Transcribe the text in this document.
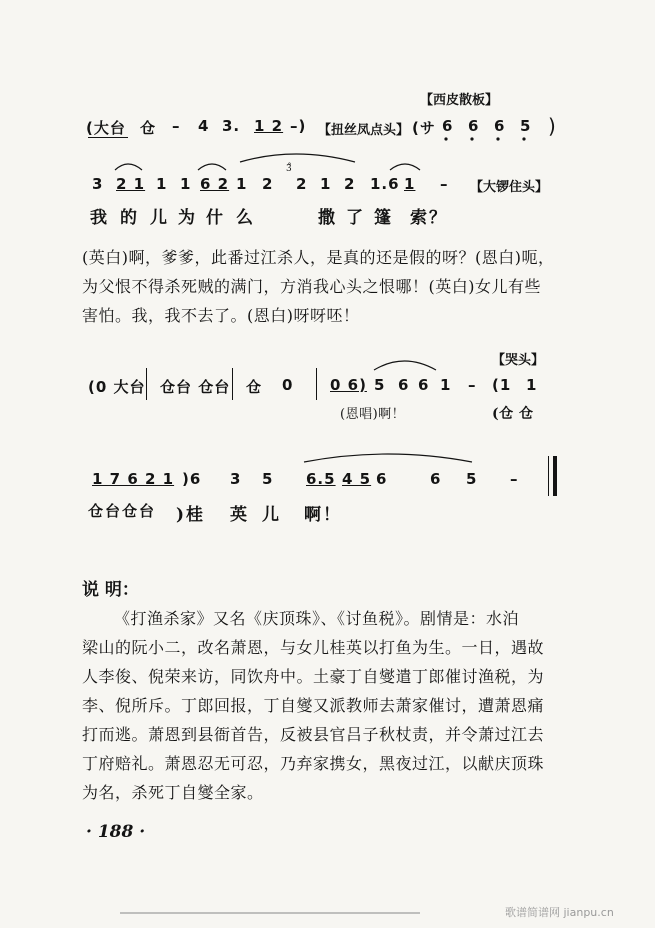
【西皮散板】
(大台 仓 – 4 3. 1 2 –) 【扭丝凤点头】 (サ 6 6 6 5 )
3 2 1 1 1 6 2 1 2
3̊
2 1 2 1.6 1 – 【大锣住头】
我 的 儿
为
什 么	撒
了
篷 索？
(英白)啊，爹爹，此番过江杀人，是真的还是假的呀？(恩白)呃，
为父恨不得杀死贼的满门，方消我心头之恨哪！(英白)女儿有些
害怕。我，我不去了。(恩白)呀呀呸！
【哭头】
(0 大台 仓台 仓台 仓 0 0 6) 5 6 6 1 – (1 1
(恩唱)啊！	(仓 仓
1 7 6 2 1 )6 3 5 6.5 4 5 6	6 5 –
仓台仓台 )桂 英 儿 啊！
说 明：
《打渔杀家》又名《庆顶珠》、《讨鱼税》。剧情是：水泊
梁山的阮小二，改名萧恩，与女儿桂英以打鱼为生。一日，遇故
人李俊、倪荣来访，同饮舟中。土豪丁自燮遣丁郎催讨渔税，为
李、倪所斥。丁郎回报，丁自燮又派教师去萧家催讨，遭萧恩痛
打而逃。萧恩到县衙首告，反被县官吕子秋杖责，并令萧过江去
丁府赔礼。萧恩忍无可忍，乃弃家携女，黑夜过江，以献庆顶珠
为名，杀死丁自燮全家。
· 188 ·
歌谱简谱网 jianpu.cn
